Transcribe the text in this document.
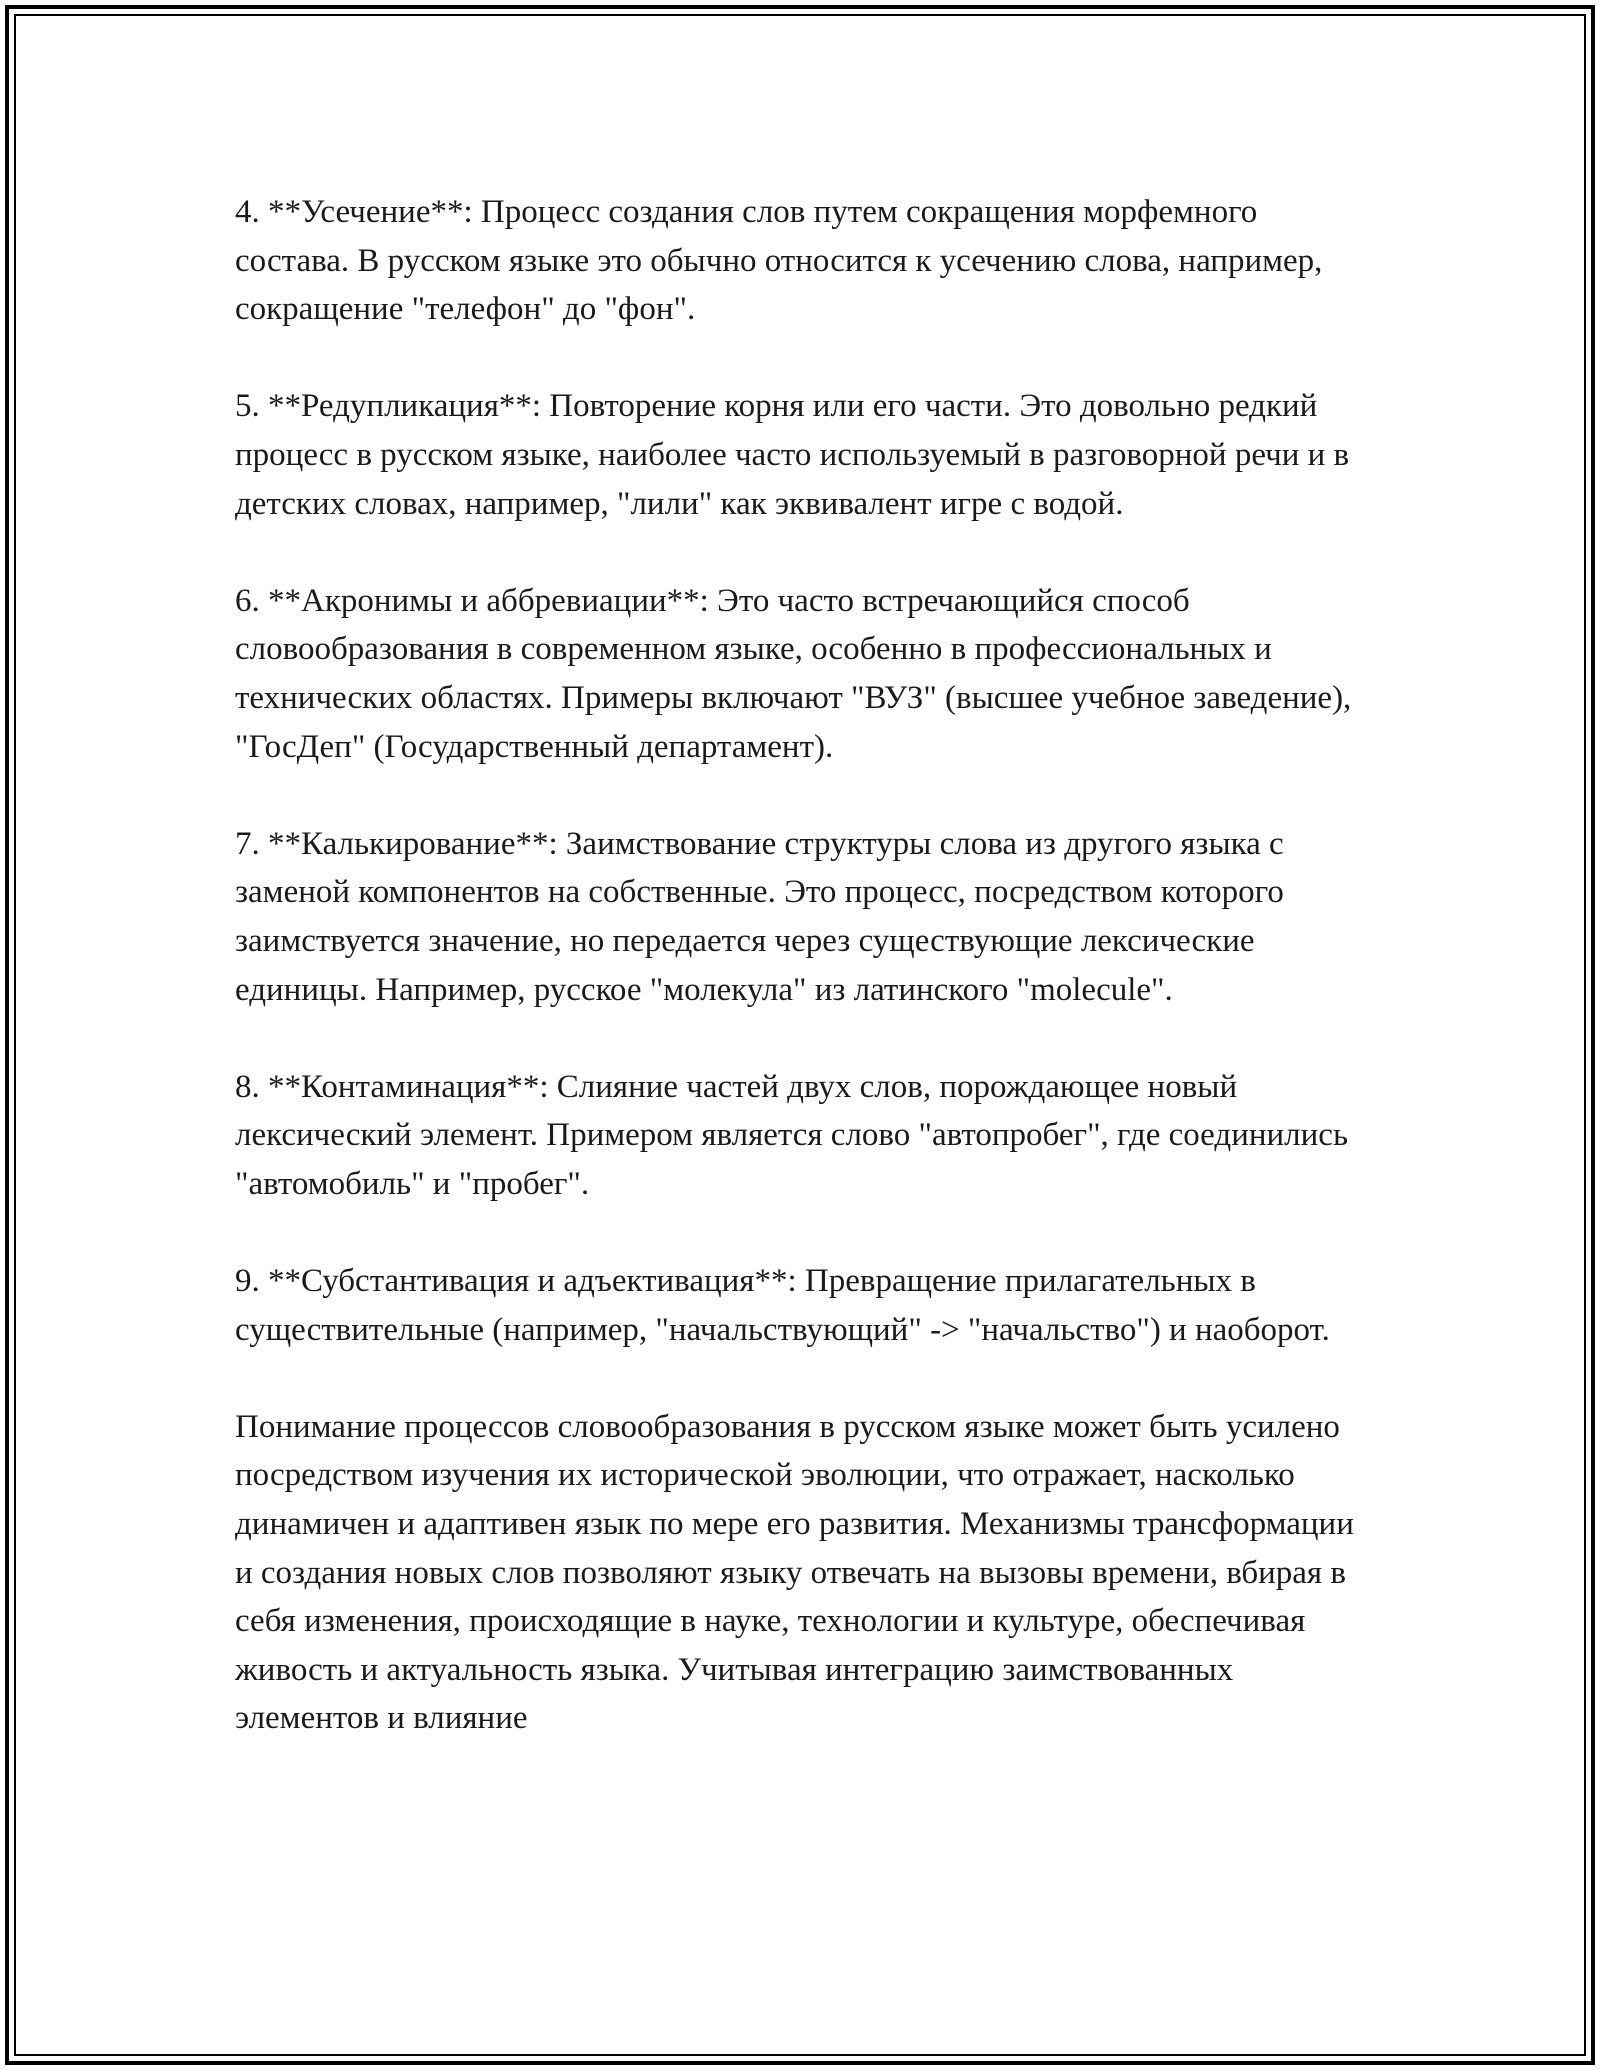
4. **Усечение**: Процесс создания слов путем сокращения морфемного состава. В русском языке это обычно относится к усечению слова, например, сокращение "телефон" до "фон".

5. **Редупликация**: Повторение корня или его части. Это довольно редкий процесс в русском языке, наиболее часто используемый в разговорной речи и в детских словах, например, "лили" как эквивалент игре с водой.

6. **Акронимы и аббревиации**: Это часто встречающийся способ словообразования в современном языке, особенно в профессиональных и технических областях. Примеры включают "ВУЗ" (высшее учебное заведение), "ГосДеп" (Государственный департамент).

7. **Калькирование**: Заимствование структуры слова из другого языка с заменой компонентов на собственные. Это процесс, посредством которого заимствуется значение, но передается через существующие лексические единицы. Например, русское "молекула" из латинского "molecule".

8. **Контаминация**: Слияние частей двух слов, порождающее новый лексический элемент. Примером является слово "автопробег", где соединились "автомобиль" и "пробег".

9. **Субстантивация и адъективация**: Превращение прилагательных в существительные (например, "начальствующий" -> "начальство") и наоборот.

Понимание процессов словообразования в русском языке может быть усилено посредством изучения их исторической эволюции, что отражает, насколько динамичен и адаптивен язык по мере его развития. Механизмы трансформации и создания новых слов позволяют языку отвечать на вызовы времени, вбирая в себя изменения, происходящие в науке, технологии и культуре, обеспечивая живость и актуальность языка. Учитывая интеграцию заимствованных элементов и влияние
